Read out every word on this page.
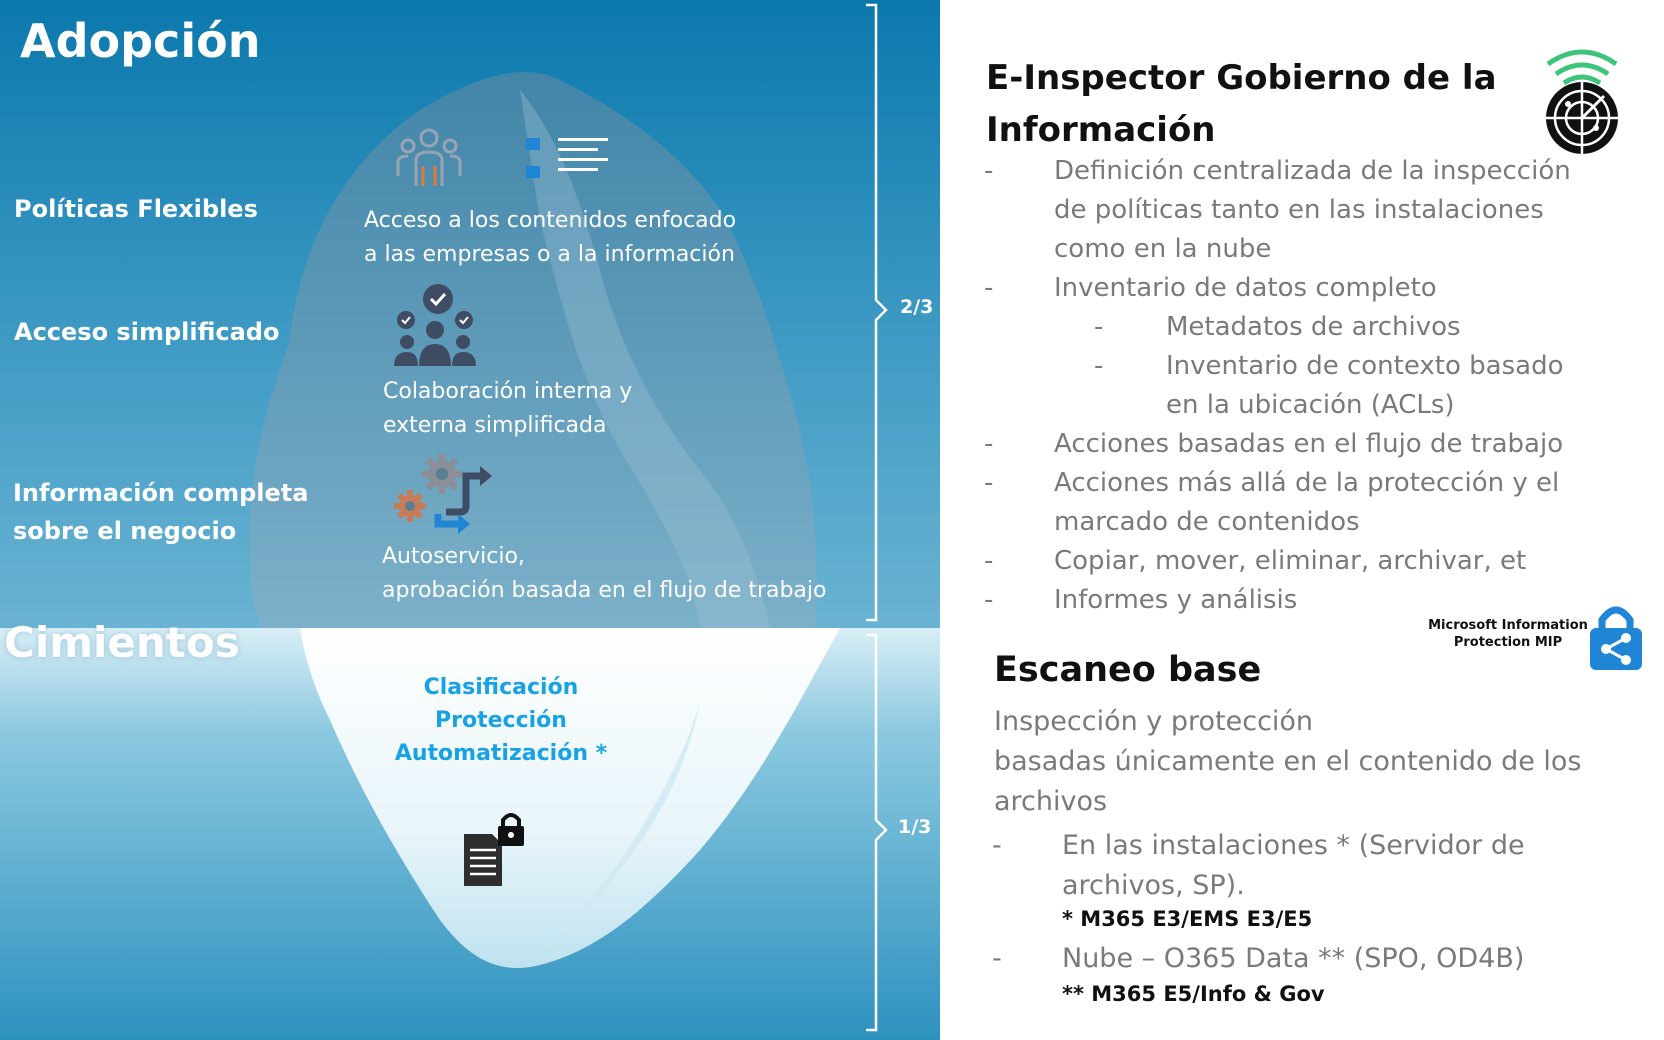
Adopción
Cimientos
2/3
1/3
Políticas Flexibles
Acceso simplificado
Información completa
sobre el negocio
Acceso a los contenidos enfocado
a las empresas o a la información
Colaboración interna y
externa simplificada
Autoservicio,
aprobación basada en el flujo de trabajo
Clasificación
Protección
Automatización *
E-Inspector Gobierno de la
Información
- Definición centralizada de la inspección
de políticas tanto en las instalaciones
como en la nube
- Inventario de datos completo
- Metadatos de archivos
- Inventario de contexto basado
en la ubicación (ACLs)
- Acciones basadas en el flujo de trabajo
- Acciones más allá de la protección y el
marcado de contenidos
- Copiar, mover, eliminar, archivar, et
- Informes y análisis
Microsoft Information
Protection MIP
Escaneo base
Inspección y protección
basadas únicamente en el contenido de los
archivos
- En las instalaciones * (Servidor de
archivos, SP).
* M365 E3/EMS E3/E5
- Nube – O365 Data ** (SPO, OD4B)
** M365 E5/Info & Gov
